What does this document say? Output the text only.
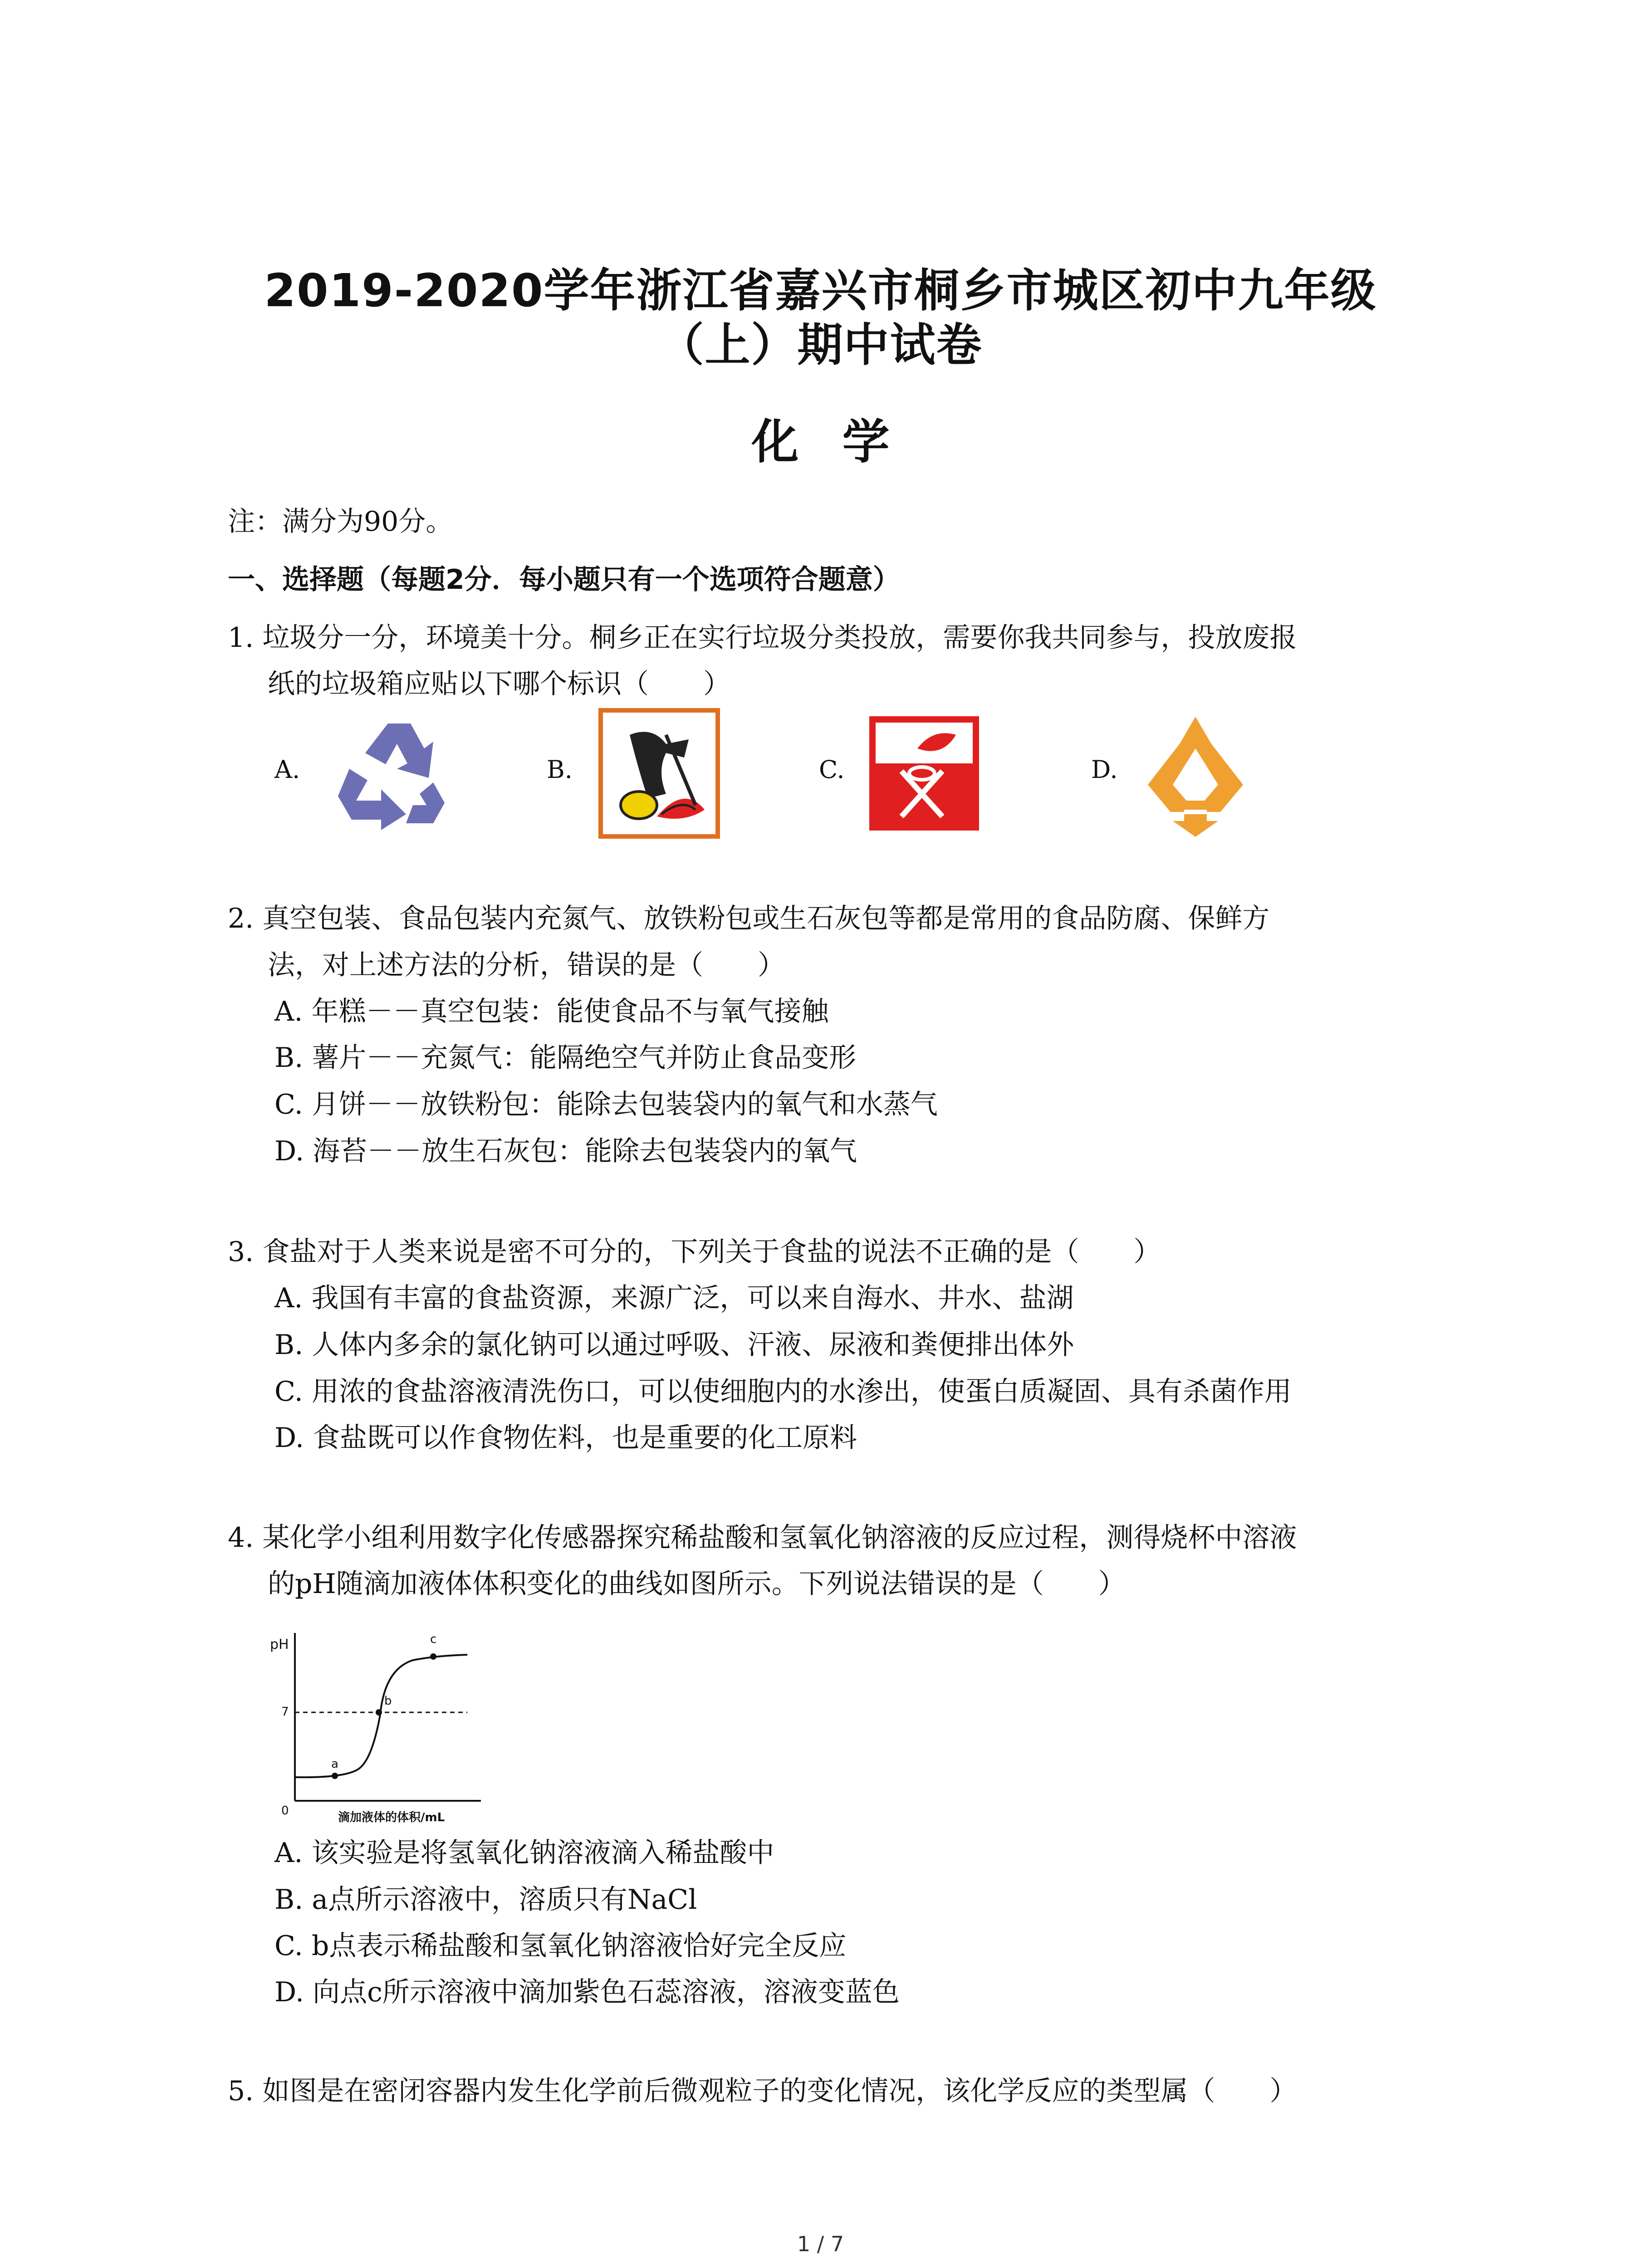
2019-2020学年浙江省嘉兴市桐乡市城区初中九年级
（上）期中试卷
化 学
注：满分为90分。
一、选择题（每题2分．每小题只有一个选项符合题意）
1. 垃圾分一分，环境美十分。桐乡正在实行垃圾分类投放，需要你我共同参与，投放废报
纸的垃圾箱应贴以下哪个标识（　　）
A.	B.	C.	D.
2. 真空包装、食品包装内充氮气、放铁粉包或生石灰包等都是常用的食品防腐、保鲜方
法，对上述方法的分析，错误的是（　　）
A. 年糕－－真空包装：能使食品不与氧气接触
B. 薯片－－充氮气：能隔绝空气并防止食品变形
C. 月饼－－放铁粉包：能除去包装袋内的氧气和水蒸气
D. 海苔－－放生石灰包：能除去包装袋内的氧气
3. 食盐对于人类来说是密不可分的，下列关于食盐的说法不正确的是（　　）
A. 我国有丰富的食盐资源，来源广泛，可以来自海水、井水、盐湖
B. 人体内多余的氯化钠可以通过呼吸、汗液、尿液和粪便排出体外
C. 用浓的食盐溶液清洗伤口，可以使细胞内的水渗出，使蛋白质凝固、具有杀菌作用
D. 食盐既可以作食物佐料，也是重要的化工原料
4. 某化学小组利用数字化传感器探究稀盐酸和氢氧化钠溶液的反应过程，测得烧杯中溶液
的pH随滴加液体体积变化的曲线如图所示。下列说法错误的是（　　）
pH
0
7
滴加液体的体积/mL
a
b
c
A. 该实验是将氢氧化钠溶液滴入稀盐酸中
B. a点所示溶液中，溶质只有NaCl
C. b点表示稀盐酸和氢氧化钠溶液恰好完全反应
D. 向点c所示溶液中滴加紫色石蕊溶液，溶液变蓝色
5. 如图是在密闭容器内发生化学前后微观粒子的变化情况，该化学反应的类型属（　　）
1 / 7
